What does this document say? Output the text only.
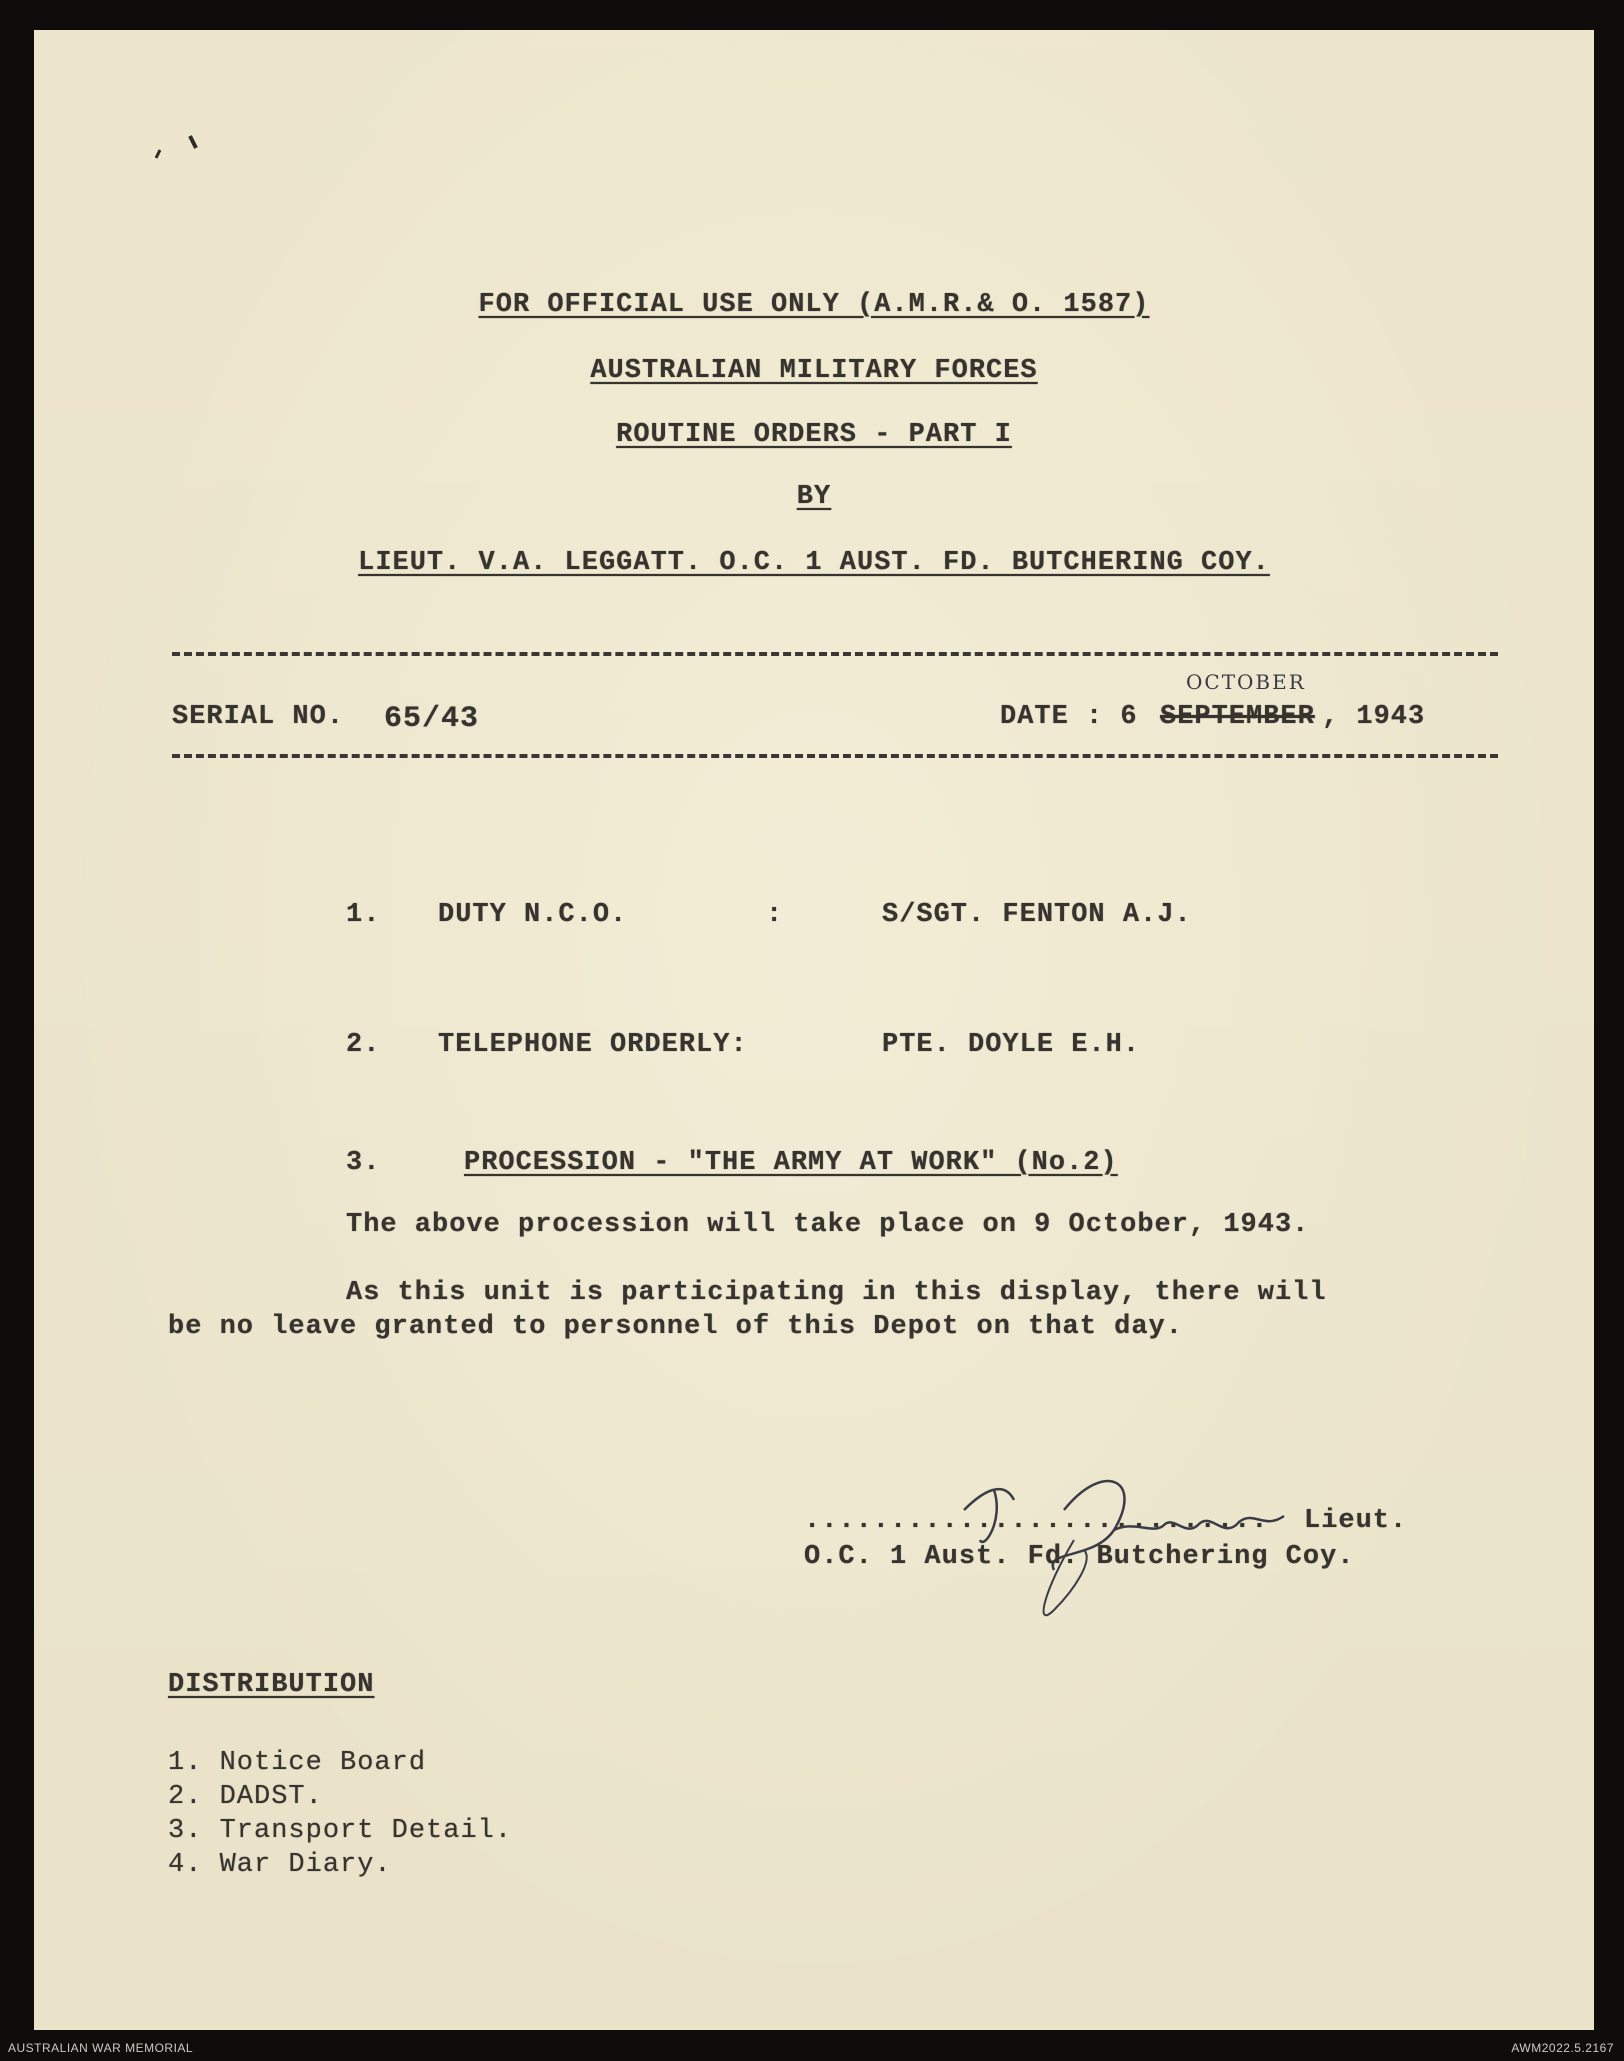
FOR OFFICIAL USE ONLY (A.M.R.& O. 1587)
AUSTRALIAN MILITARY FORCES
ROUTINE ORDERS - PART I
BY
LIEUT. V.A. LEGGATT. O.C. 1 AUST. FD. BUTCHERING COY.
SERIAL NO. 65/43	DATE : 6
OCTOBER
SEPTEMBER , 1943
1. DUTY N.C.O.	:	S/SGT. FENTON A.J.
2. TELEPHONE ORDERLY:	PTE. DOYLE E.H.
3.	PROCESSION - "THE ARMY AT WORK" (No.2)
The above procession will take place on 9 October, 1943.
As this unit is participating in this display, there will
be no leave granted to personnel of this Depot on that day.
........................... Lieut.
O.C. 1 Aust. Fd. Butchering Coy.
DISTRIBUTION
1. Notice Board
2. DADST.
3. Transport Detail.
4. War Diary.
AUSTRALIAN WAR MEMORIAL	AWM2022.5.2167
